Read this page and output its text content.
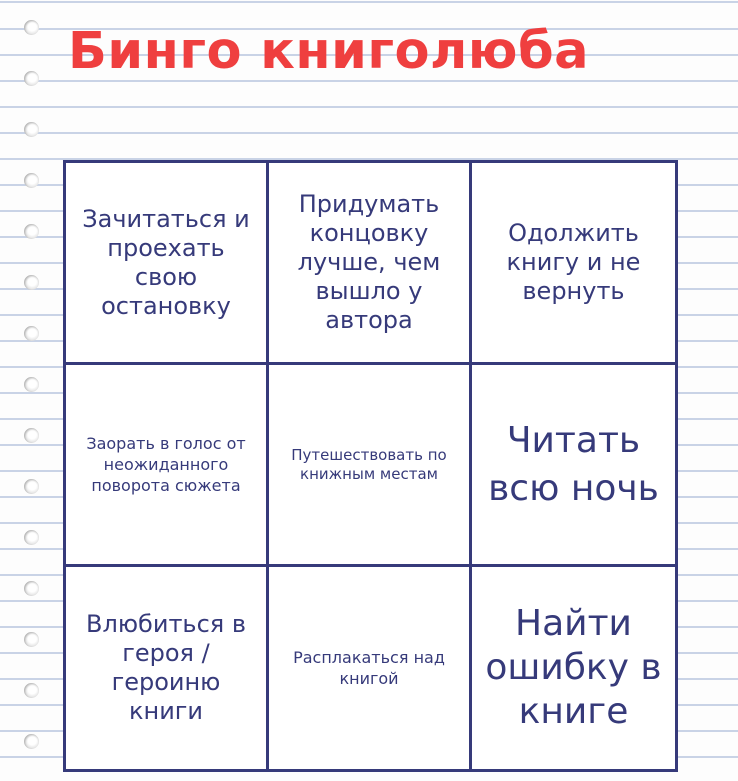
Бинго книголюба
Зачитаться и проехать свою остановку
Придумать концовку лучше, чем вышло у автора
Одолжить книгу и не вернуть
Заорать в голос от неожиданного поворота сюжета
Путешествовать по книжным местам
Читать всю ночь
Влюбиться в героя / героиню книги
Расплакаться над книгой
Найти ошибку в книге
